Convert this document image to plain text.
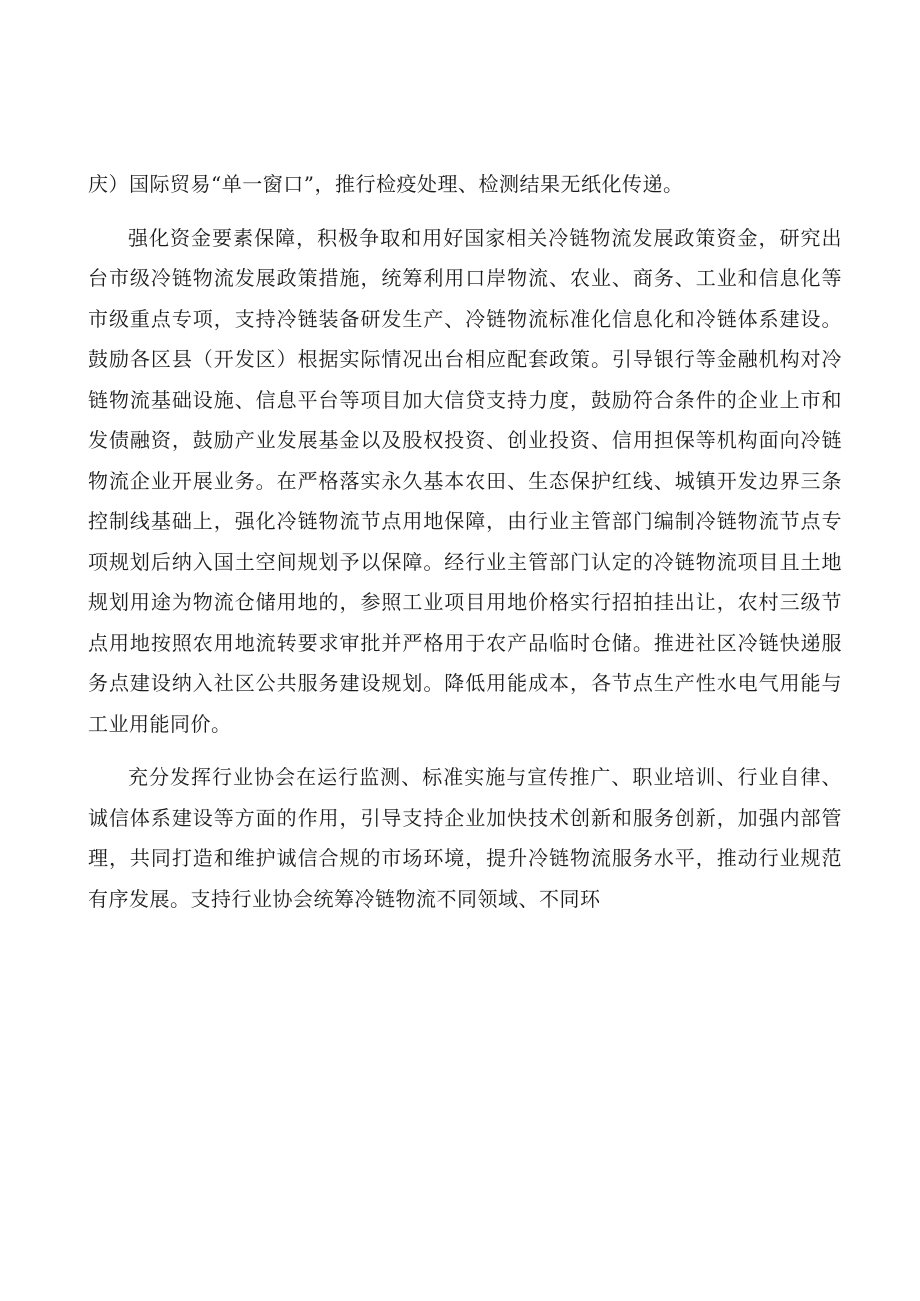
庆）国际贸易“单一窗口”，推行检疫处理、检测结果无纸化传递。

强化资金要素保障，积极争取和用好国家相关冷链物流发展政策资金，研究出台市级冷链物流发展政策措施，统筹利用口岸物流、农业、商务、工业和信息化等市级重点专项，支持冷链装备研发生产、冷链物流标准化信息化和冷链体系建设。鼓励各区县（开发区）根据实际情况出台相应配套政策。引导银行等金融机构对冷链物流基础设施、信息平台等项目加大信贷支持力度，鼓励符合条件的企业上市和发债融资，鼓励产业发展基金以及股权投资、创业投资、信用担保等机构面向冷链物流企业开展业务。在严格落实永久基本农田、生态保护红线、城镇开发边界三条控制线基础上，强化冷链物流节点用地保障，由行业主管部门编制冷链物流节点专项规划后纳入国土空间规划予以保障。经行业主管部门认定的冷链物流项目且土地规划用途为物流仓储用地的，参照工业项目用地价格实行招拍挂出让，农村三级节点用地按照农用地流转要求审批并严格用于农产品临时仓储。推进社区冷链快递服务点建设纳入社区公共服务建设规划。降低用能成本，各节点生产性水电气用能与工业用能同价。

充分发挥行业协会在运行监测、标准实施与宣传推广、职业培训、行业自律、诚信体系建设等方面的作用，引导支持企业加快技术创新和服务创新，加强内部管理，共同打造和维护诚信合规的市场环境，提升冷链物流服务水平，推动行业规范有序发展。支持行业协会统筹冷链物流不同领域、不同环
